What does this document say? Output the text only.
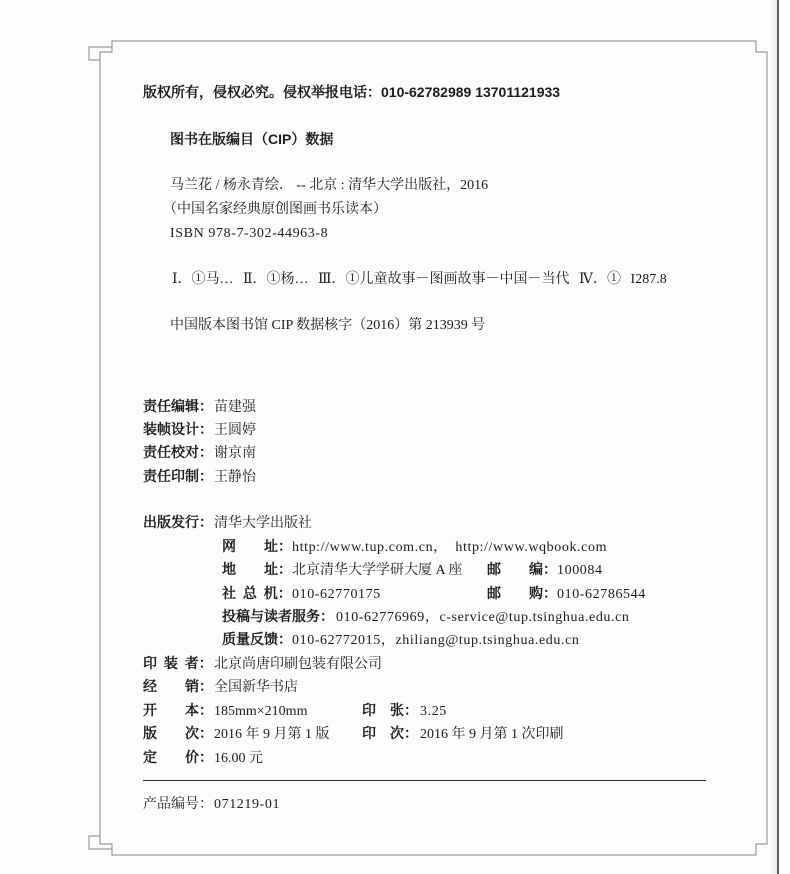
版权所有，侵权必究。侵权举报电话：010-62782989 13701121933
图书在版编目（CIP）数据
马兰花 / 杨永青绘． -- 北京 : 清华大学出版社，2016
（中国名家经典原创图画书乐读本）
ISBN 978-7-302-44963-8
Ⅰ．①马… Ⅱ．①杨… Ⅲ．①儿童故事－图画故事－中国－当代 Ⅳ．① I287.8
中国版本图书馆 CIP 数据核字（2016）第 213939 号
责任编辑：苗建强
装帧设计：王圆婷
责任校对：谢京南
责任印制：王静怡
出版发行：清华大学出版社
网　　址：http://www.tup.com.cn，　http://www.wqbook.com
地　　址：北京清华大学学研大厦 A 座 邮　　编：100084
社 总 机：010-62770175	邮　　购：010-62786544
投稿与读者服务： 010-62776969，c-service@tup.tsinghua.edu.cn
质量反馈：010-62772015，zhiliang@tup.tsinghua.edu.cn
印 装 者：北京尚唐印刷包装有限公司
经　　销：全国新华书店
开　　本：185mm×210mm	印　张： 3.25
版　　次：2016 年 9 月第 1 版 印　次： 2016 年 9 月第 1 次印刷
定　　价：16.00 元
产品编号：071219-01
